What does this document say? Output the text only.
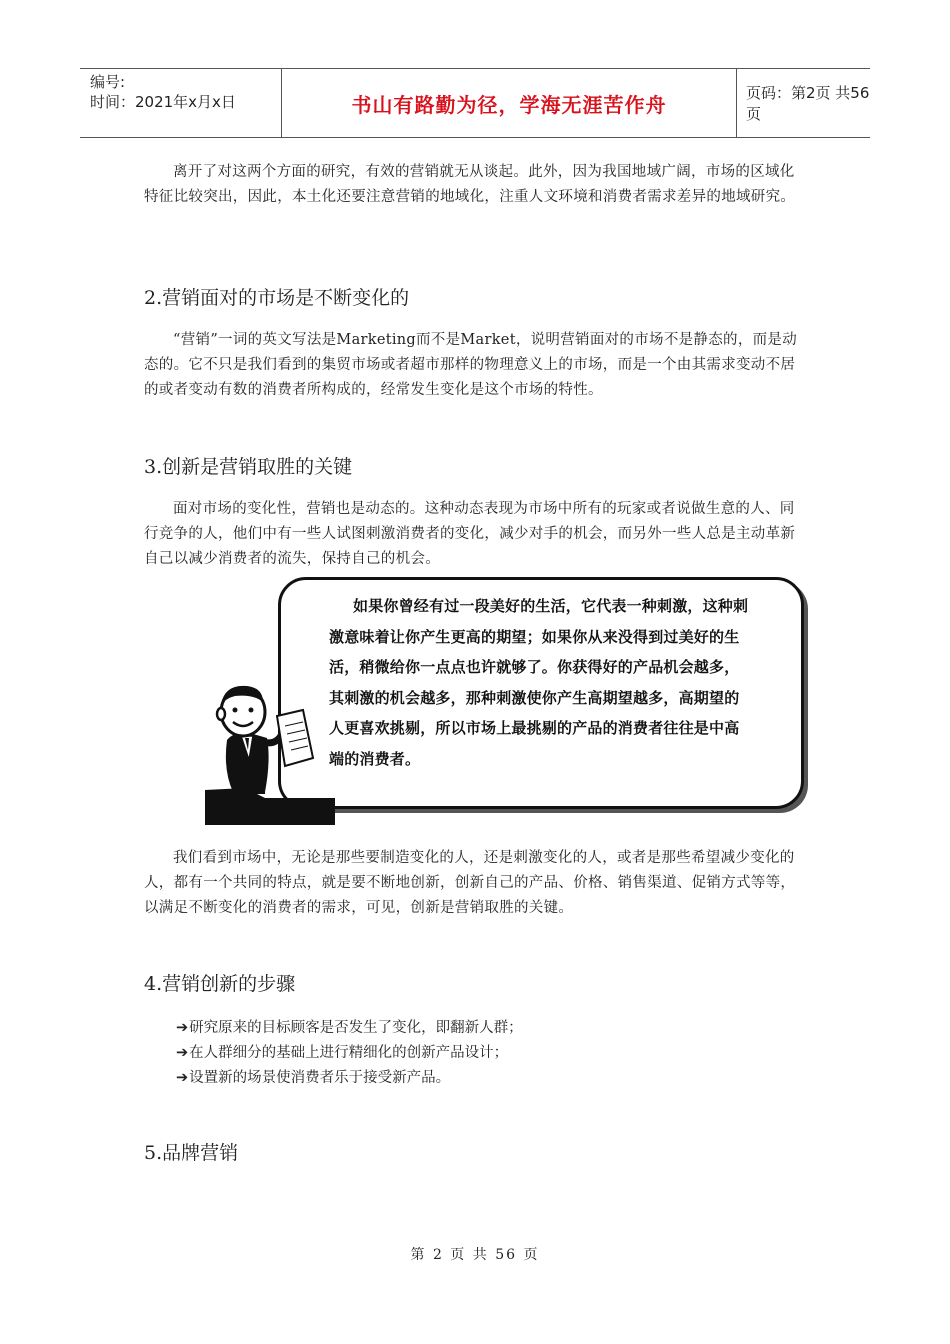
编号:
时间：2021年x月x日	书山有路勤为径，学海无涯苦作舟	页码：第2页 共56页

离开了对这两个方面的研究，有效的营销就无从谈起。此外，因为我国地域广阔，市场的区域化特征比较突出，因此，本土化还要注意营销的地域化，注重人文环境和消费者需求差异的地域研究。

2.营销面对的市场是不断变化的

“营销”一词的英文写法是Marketing而不是Market，说明营销面对的市场不是静态的，而是动态的。它不只是我们看到的集贸市场或者超市那样的物理意义上的市场，而是一个由其需求变动不居的或者变动有数的消费者所构成的，经常发生变化是这个市场的特性。

3.创新是营销取胜的关键

面对市场的变化性，营销也是动态的。这种动态表现为市场中所有的玩家或者说做生意的人、同行竞争的人，他们中有一些人试图刺激消费者的变化，减少对手的机会，而另外一些人总是主动革新自己以减少消费者的流失，保持自己的机会。

如果你曾经有过一段美好的生活，它代表一种刺激，这种刺激意味着让你产生更高的期望；如果你从来没得到过美好的生活，稍微给你一点点也许就够了。你获得好的产品机会越多，其刺激的机会越多，那种刺激使你产生高期望越多，高期望的人更喜欢挑剔，所以市场上最挑剔的产品的消费者往往是中高端的消费者。

我们看到市场中，无论是那些要制造变化的人，还是刺激变化的人，或者是那些希望减少变化的人，都有一个共同的特点，就是要不断地创新，创新自己的产品、价格、销售渠道、促销方式等等，以满足不断变化的消费者的需求，可见，创新是营销取胜的关键。

4.营销创新的步骤
➔研究原来的目标顾客是否发生了变化，即翻新人群；
➔在人群细分的基础上进行精细化的创新产品设计；
➔设置新的场景使消费者乐于接受新产品。
5.品牌营销
第 2 页 共 56 页
